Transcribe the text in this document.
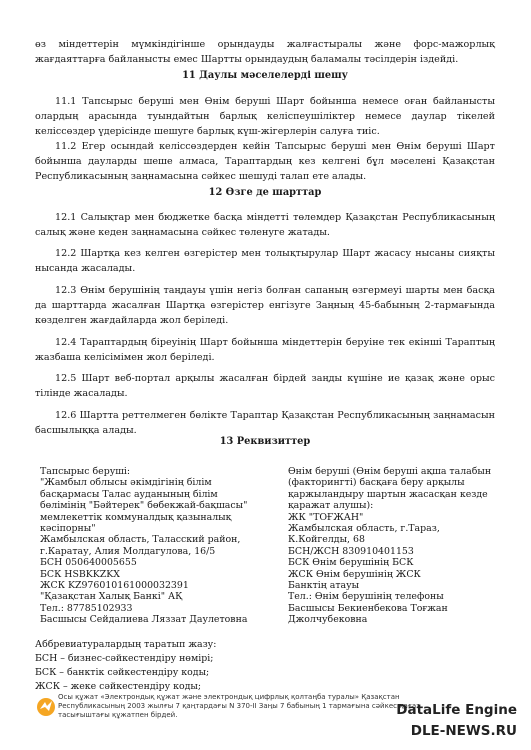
өз міндеттерін мүмкіндігінше орындауды жалғастыралы және форс-мажорлық жағдаяттарға байланысты емес Шартты орындаудың баламалы тәсілдерін іздейді.

11 Даулы мәселелерді шешу

11.1 Тапсырыс беруші мен Өнім беруші Шарт бойынша немесе оған байланысты олардың арасында туындайтын барлық келіспеушіліктер немесе даулар тікелей келіссөздер үдерісінде шешуге барлық күш-жігерлерін салуға тиіс.

11.2 Егер осындай келіссөздерден кейін Тапсырыс беруші мен Өнім беруші Шарт бойынша дауларды шеше алмаса, Тараптардың кез келгені бұл мәселені Қазақстан Республикасының заңнамасына сәйкес шешуді талап ете алады.

12 Өзге де шарттар

12.1 Салықтар мен бюджетке басқа міндетті төлемдер Қазақстан Республикасының салық және кеден заңнамасына сәйкес төленуге жатады.

12.2 Шартқа кез келген өзгерістер мен толықтырулар Шарт жасасу нысаны сияқты нысанда жасалады.

12.3 Өнім берушінің таңдауы үшін негіз болған сапаның өзгермеуі шарты мен басқа да шарттарда жасалған Шартқа өзгерістер енгізуге Заңның 45-бабының 2-тармағында көзделген жағдайларда жол беріледі.

12.4 Тараптардың біреуінің Шарт бойынша міндеттерін беруіне тек екінші Тараптың жазбаша келісімімен жол беріледі.

12.5 Шарт веб-портал арқылы жасалған бірдей заңды күшіне ие қазақ және орыс тілінде жасалады.

12.6 Шартта реттелмеген бөлікте Тараптар Қазақстан Республикасының заңнамасын басшылыққа алады.

13 Реквизиттер

Тапсырыс беруші:
"Жамбыл облысы әкімдігінің білім
басқармасы Талас ауданының білім
бөлімінің "Бәйтерек" бөбекжай-бақшасы"
мемлекеттік коммуналдық қазыналық
кәсіпорны"
Жамбылская область, Таласский район,
г.Каратау, Алия Молдагулова, 16/5
БСН 050640005655
БСК HSBKKZKX
ЖСК KZ976010161000032391
"Қазақстан Халық Банкі" АҚ
Тел.: 87785102933
Басшысы Сейдалиева Ляззат Даулетовна
Өнім беруші (Өнім беруші ақша талабын
(факторингті) басқаға беру арқылы
қаржыландыру шартын жасасқан кезде
қаражат алушы):
ЖК "ТОҒЖАН"
Жамбылская область, г.Тараз,
К.Койгелды, 68
БСН/ЖСН 830910401153
БСК Өнім берушінің БСК
ЖСК Өнім берушінің ЖСК
Банктің атауы
Тел.: Өнім берушінің телефоны
Басшысы Бекиенбекова Тоғжан
Джолчубековна
Аббревиатуралардың таратып жазу:
БСН – бизнес-сәйкестендіру нөмірі;
БСК – банктік сәйкестендіру коды;
ЖСК – жеке сәйкестендіру коды;
Осы құжат «Электрондық құжат және электрондық цифрлық қолтаңба туралы» Қазақстан
Республикасының 2003 жылғы 7 қаңтардағы N 370-II Заңы 7 бабының 1 тармағына сәйкес қағаз
тасығыштағы құжатпен бірдей.	DataLife Engine
DLE-NEWS.RU
